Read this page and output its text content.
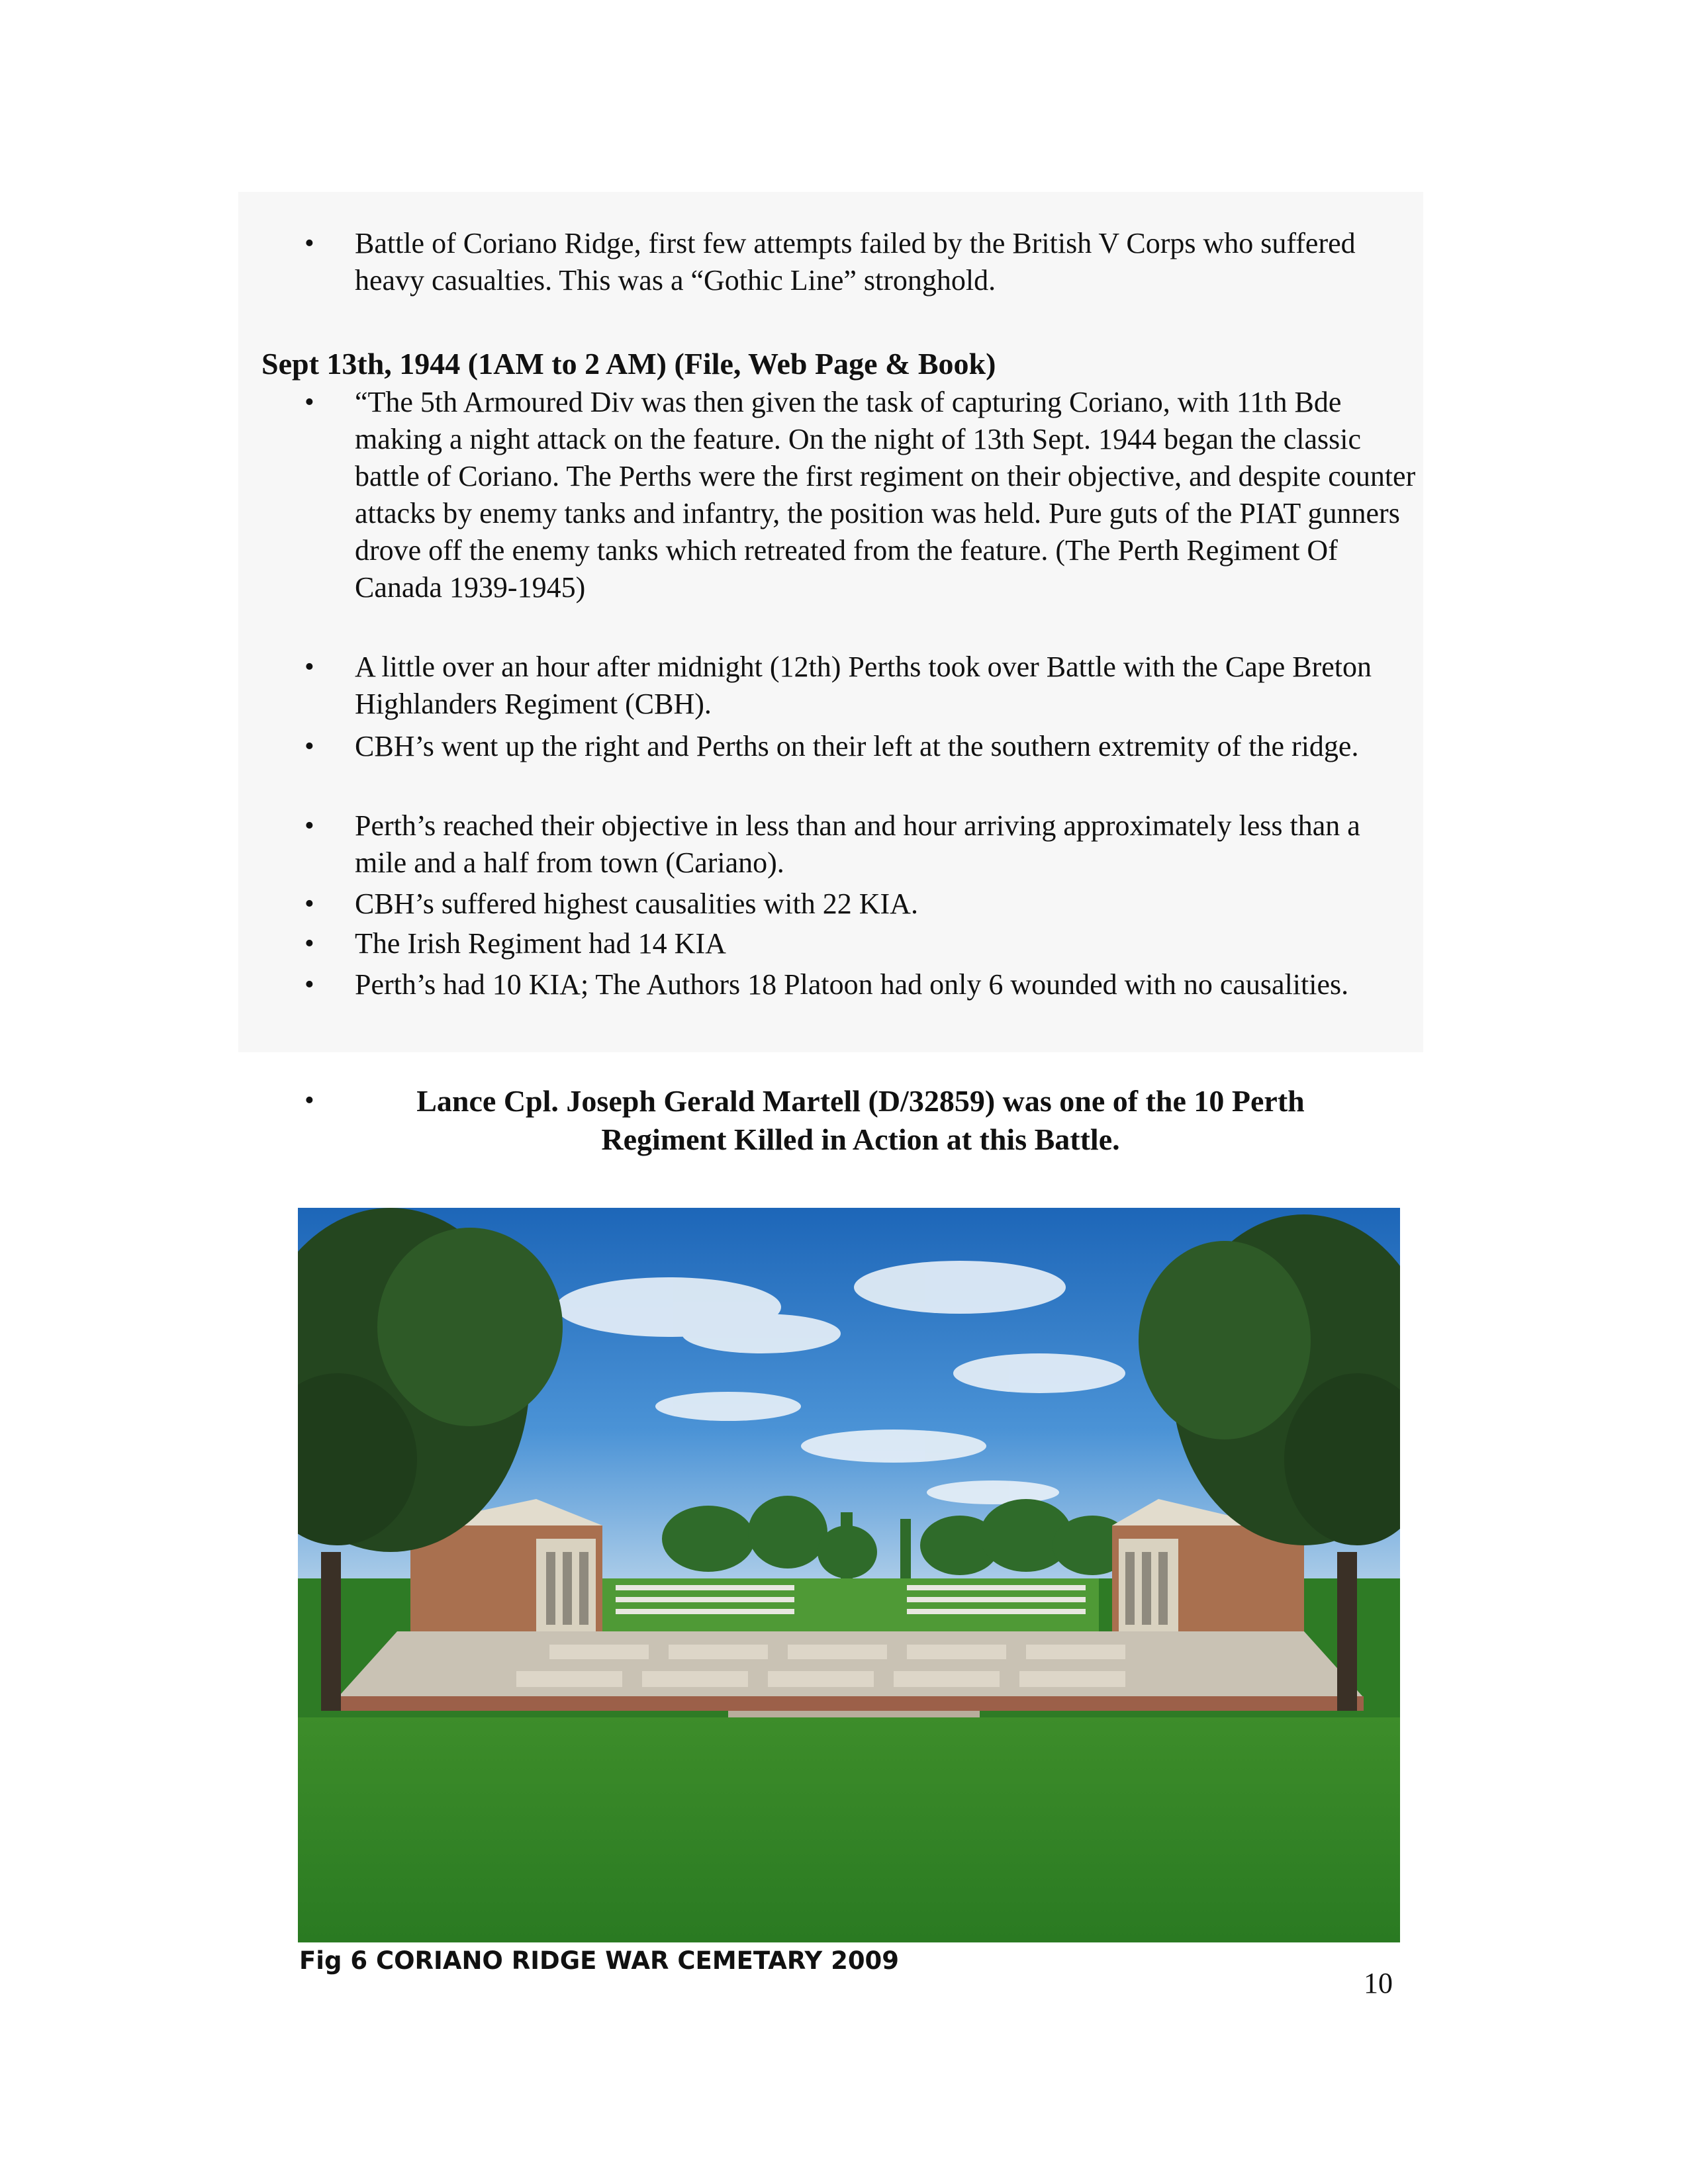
• Battle of Coriano Ridge, first few attempts failed by the British V Corps who suffered heavy casualties. This was a “Gothic Line” stronghold.
Sept 13th, 1944 (1AM to 2 AM) (File, Web Page & Book)
• “The 5th Armoured Div was then given the task of capturing Coriano, with 11th Bde making a night attack on the feature. On the night of 13th Sept. 1944 began the classic battle of Coriano. The Perths were the first regiment on their objective, and despite counter attacks by enemy tanks and infantry, the position was held. Pure guts of the PIAT gunners drove off the enemy tanks which retreated from the feature. (The Perth Regiment Of Canada 1939-1945)
• A little over an hour after midnight (12th) Perths took over Battle with the Cape Breton Highlanders Regiment (CBH).
• CBH’s went up the right and Perths on their left at the southern extremity of the ridge.
• Perth’s reached their objective in less than and hour arriving approximately less than a mile and a half from town (Cariano).
• CBH’s suffered highest causalities with 22 KIA.
• The Irish Regiment had 14 KIA
• Perth’s had 10 KIA; The Authors 18 Platoon had only 6 wounded with no causalities.
•	Lance Cpl. Joseph Gerald Martell (D/32859) was one of the 10 Perth
Regiment Killed in Action at this Battle.
Fig 6 CORIANO RIDGE WAR CEMETARY 2009
10
